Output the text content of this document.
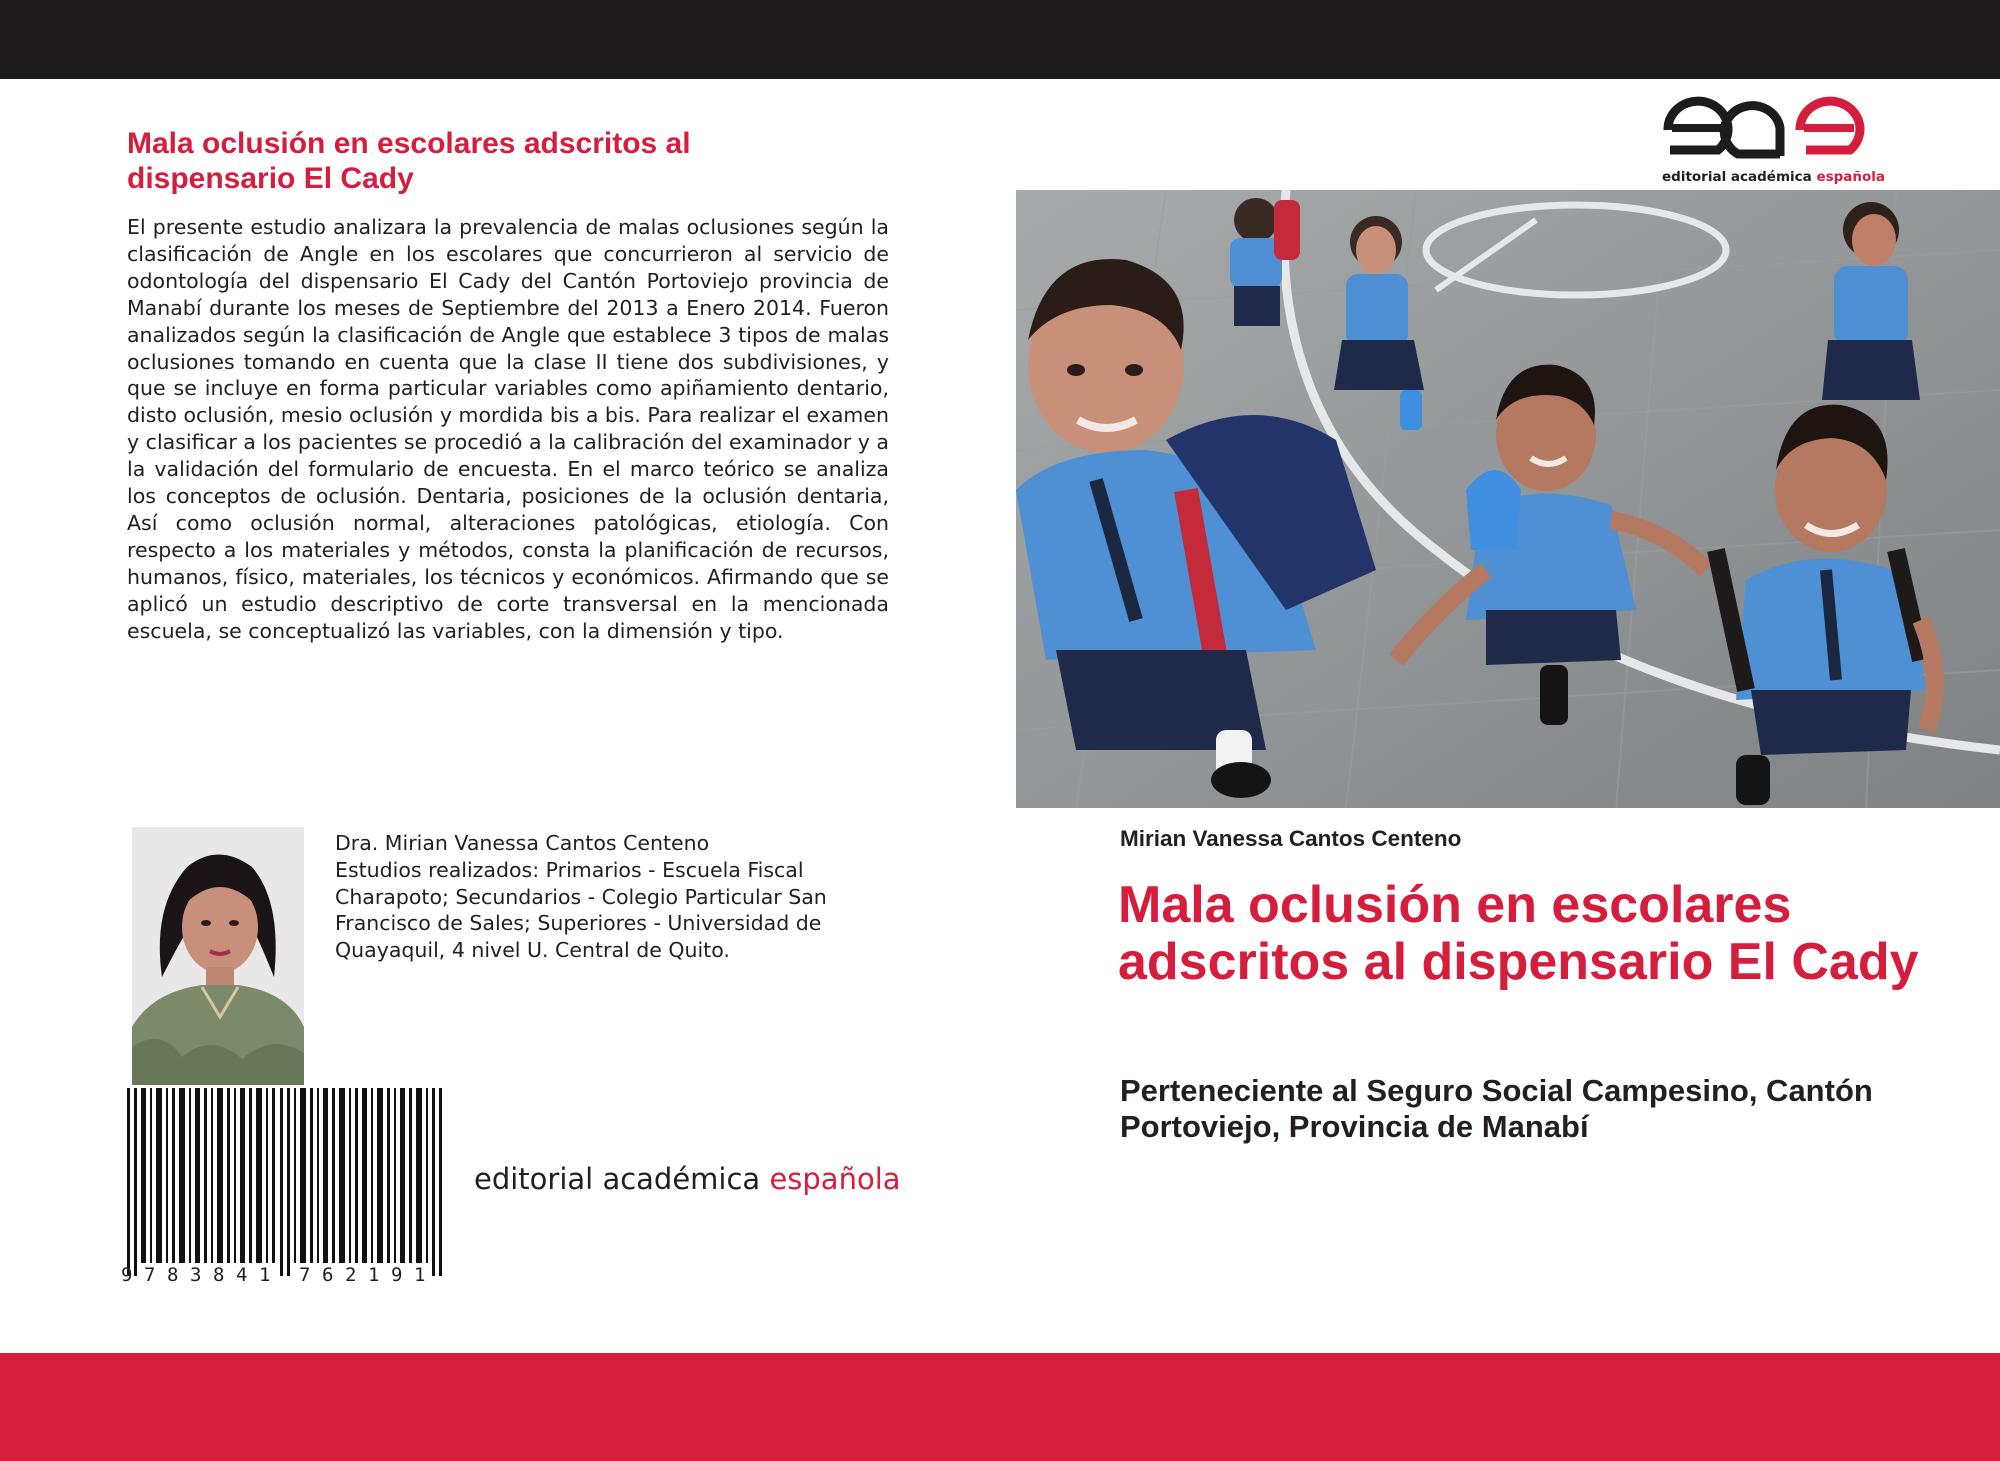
Mala oclusión en escolares adscritos al dispensario El Cady
El presente estudio analizara la prevalencia de malas oclusiones según la clasificación de Angle en los escolares que concurrieron al servicio de odontología del dispensario El Cady del Cantón Portoviejo provincia de Manabí durante los meses de Septiembre del 2013 a Enero 2014. Fueron analizados según la clasificación de Angle que establece 3 tipos de malas oclusiones tomando en cuenta que la clase II tiene dos subdivisiones, y que se incluye en forma particular variables como apiñamiento dentario, disto oclusión, mesio oclusión y mordida bis a bis. Para realizar el examen y clasificar a los pacientes se procedió a la calibración del examinador y a la validación del formulario de encuesta. En el marco teórico se analiza los conceptos de oclusión. Dentaria, posiciones de la oclusión dentaria, Así como oclusión normal, alteraciones patológicas, etiología. Con respecto a los materiales y métodos, consta la planificación de recursos, humanos, físico, materiales, los técnicos y económicos. Afirmando que se aplicó un estudio descriptivo de corte transversal en la mencionada escuela, se conceptualizó las variables, con la dimensión y tipo.
Dra. Mirian Vanessa Cantos Centeno
Estudios realizados: Primarios - Escuela Fiscal Charapoto; Secundarios - Colegio Particular San Francisco de Sales; Superiores - Universidad de Quayaquil, 4 nivel U. Central de Quito.
9 7 8 3 8 4 1 7 6 2 1 9 1
editorial académica española
editorial académica española
Mirian Vanessa Cantos Centeno
Mala oclusión en escolares adscritos al dispensario El Cady
Perteneciente al Seguro Social Campesino, Cantón Portoviejo, Provincia de Manabí
